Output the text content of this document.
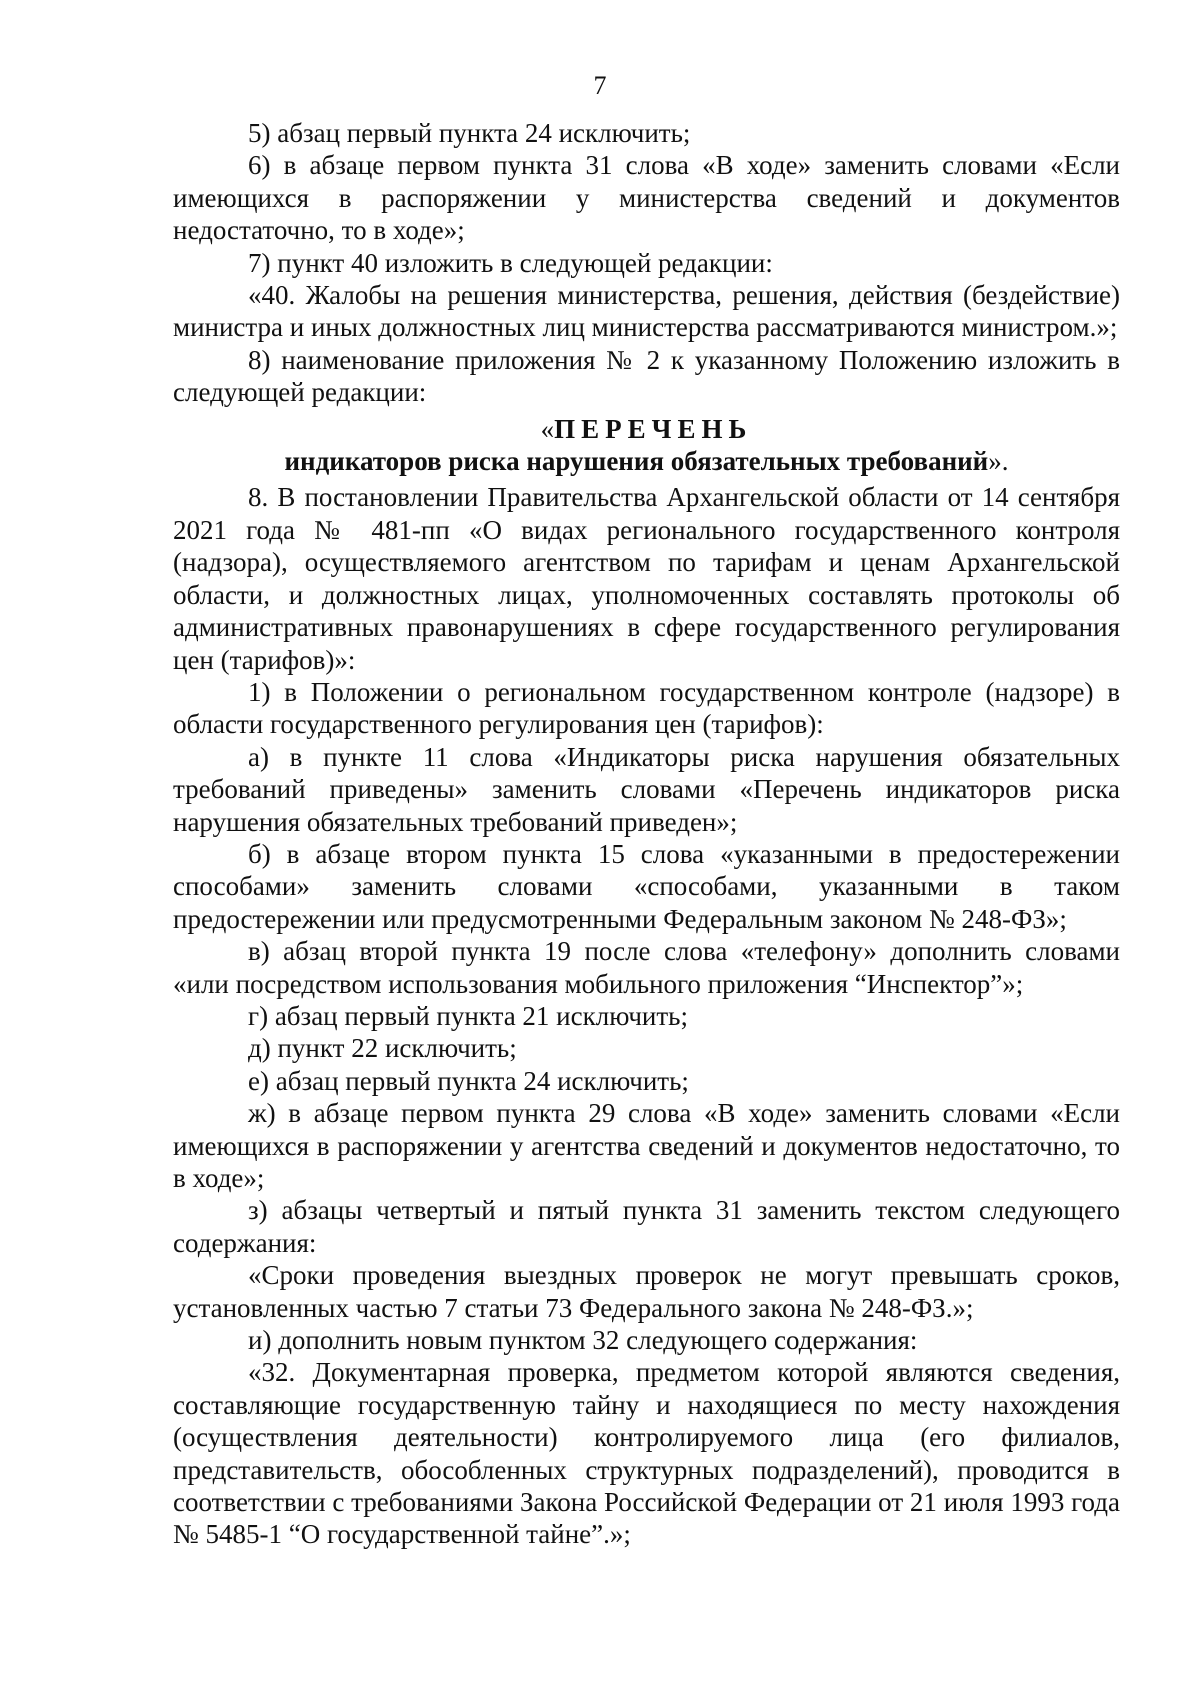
7

5) абзац первый пункта 24 исключить;

6) в абзаце первом пункта 31 слова «В ходе» заменить словами «Если имеющихся в распоряжении у министерства сведений и документов недостаточно, то в ходе»;

7) пункт 40 изложить в следующей редакции:

«40. Жалобы на решения министерства, решения, действия (бездействие) министра и иных должностных лиц министерства рассматриваются министром.»;

8) наименование приложения № 2 к указанному Положению изложить в следующей редакции:

«ПЕРЕЧЕНЬ

индикаторов риска нарушения обязательных требований».

8. В постановлении Правительства Архангельской области от 14 сентября 2021 года № 481-пп «О видах регионального государственного контроля (надзора), осуществляемого агентством по тарифам и ценам Архангельской области, и должностных лицах, уполномоченных составлять протоколы об административных правонарушениях в сфере государственного регулирования цен (тарифов)»:

1) в Положении о региональном государственном контроле (надзоре) в области государственного регулирования цен (тарифов):

а) в пункте 11 слова «Индикаторы риска нарушения обязательных требований приведены» заменить словами «Перечень индикаторов риска нарушения обязательных требований приведен»;

б) в абзаце втором пункта 15 слова «указанными в предостережении способами» заменить словами «способами, указанными в таком предостережении или предусмотренными Федеральным законом № 248-ФЗ»;

в) абзац второй пункта 19 после слова «телефону» дополнить словами «или посредством использования мобильного приложения “Инспектор”»;

г) абзац первый пункта 21 исключить;

д) пункт 22 исключить;

е) абзац первый пункта 24 исключить;

ж) в абзаце первом пункта 29 слова «В ходе» заменить словами «Если имеющихся в распоряжении у агентства сведений и документов недостаточно, то в ходе»;

з) абзацы четвертый и пятый пункта 31 заменить текстом следующего содержания:

«Сроки проведения выездных проверок не могут превышать сроков, установленных частью 7 статьи 73 Федерального закона № 248-ФЗ.»;

и) дополнить новым пунктом 32 следующего содержания:

«32. Документарная проверка, предметом которой являются сведения, составляющие государственную тайну и находящиеся по месту нахождения (осуществления деятельности) контролируемого лица (его филиалов, представительств, обособленных структурных подразделений), проводится в соответствии с требованиями Закона Российской Федерации от 21 июля 1993 года № 5485-1 “О государственной тайне”.»;
